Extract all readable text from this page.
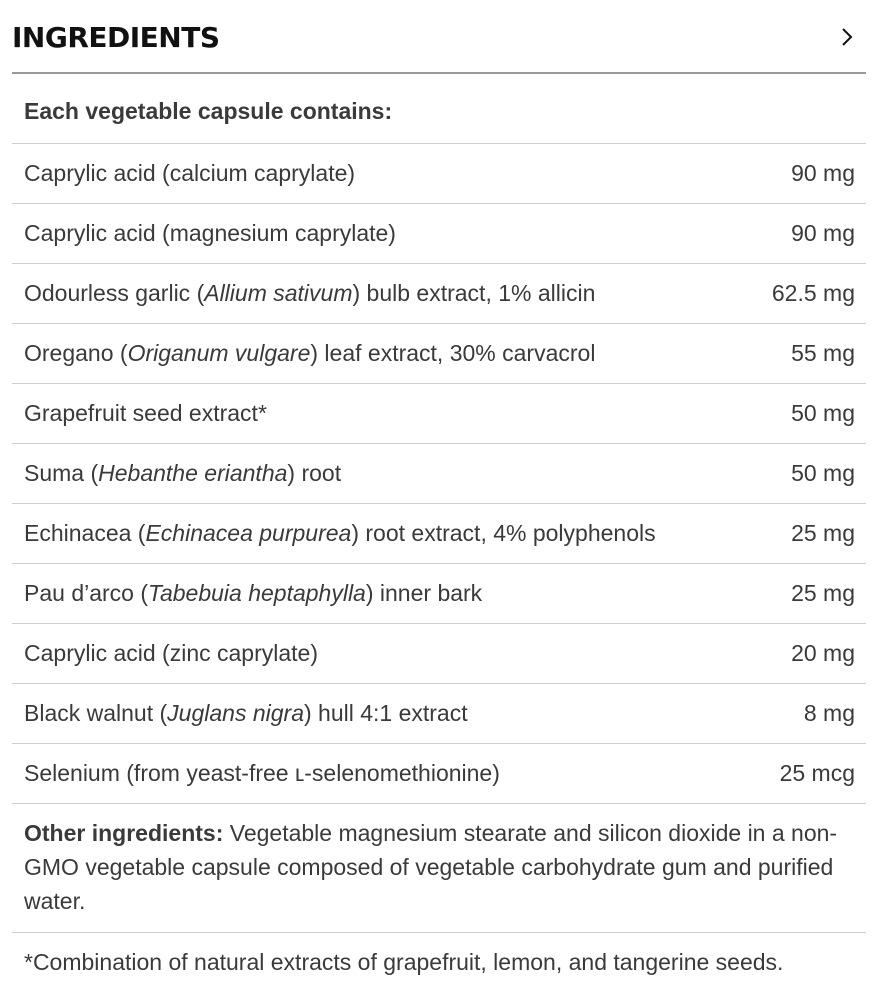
INGREDIENTS
Each vegetable capsule contains:
Caprylic acid (calcium caprylate)	90 mg
Caprylic acid (magnesium caprylate)	90 mg
Odourless garlic (Allium sativum) bulb extract, 1% allicin	62.5 mg
Oregano (Origanum vulgare) leaf extract, 30% carvacrol	55 mg
Grapefruit seed extract*	50 mg
Suma (Hebanthe eriantha) root	50 mg
Echinacea (Echinacea purpurea) root extract, 4% polyphenols	25 mg
Pau d’arco (Tabebuia heptaphylla) inner bark	25 mg
Caprylic acid (zinc caprylate)	20 mg
Black walnut (Juglans nigra) hull 4:1 extract	8 mg
Selenium (from yeast-free ʟ-selenomethionine)	25 mcg
Other ingredients: Vegetable magnesium stearate and silicon dioxide in a non-GMO vegetable capsule composed of vegetable carbohydrate gum and purified water.
*Combination of natural extracts of grapefruit, lemon, and tangerine seeds.
